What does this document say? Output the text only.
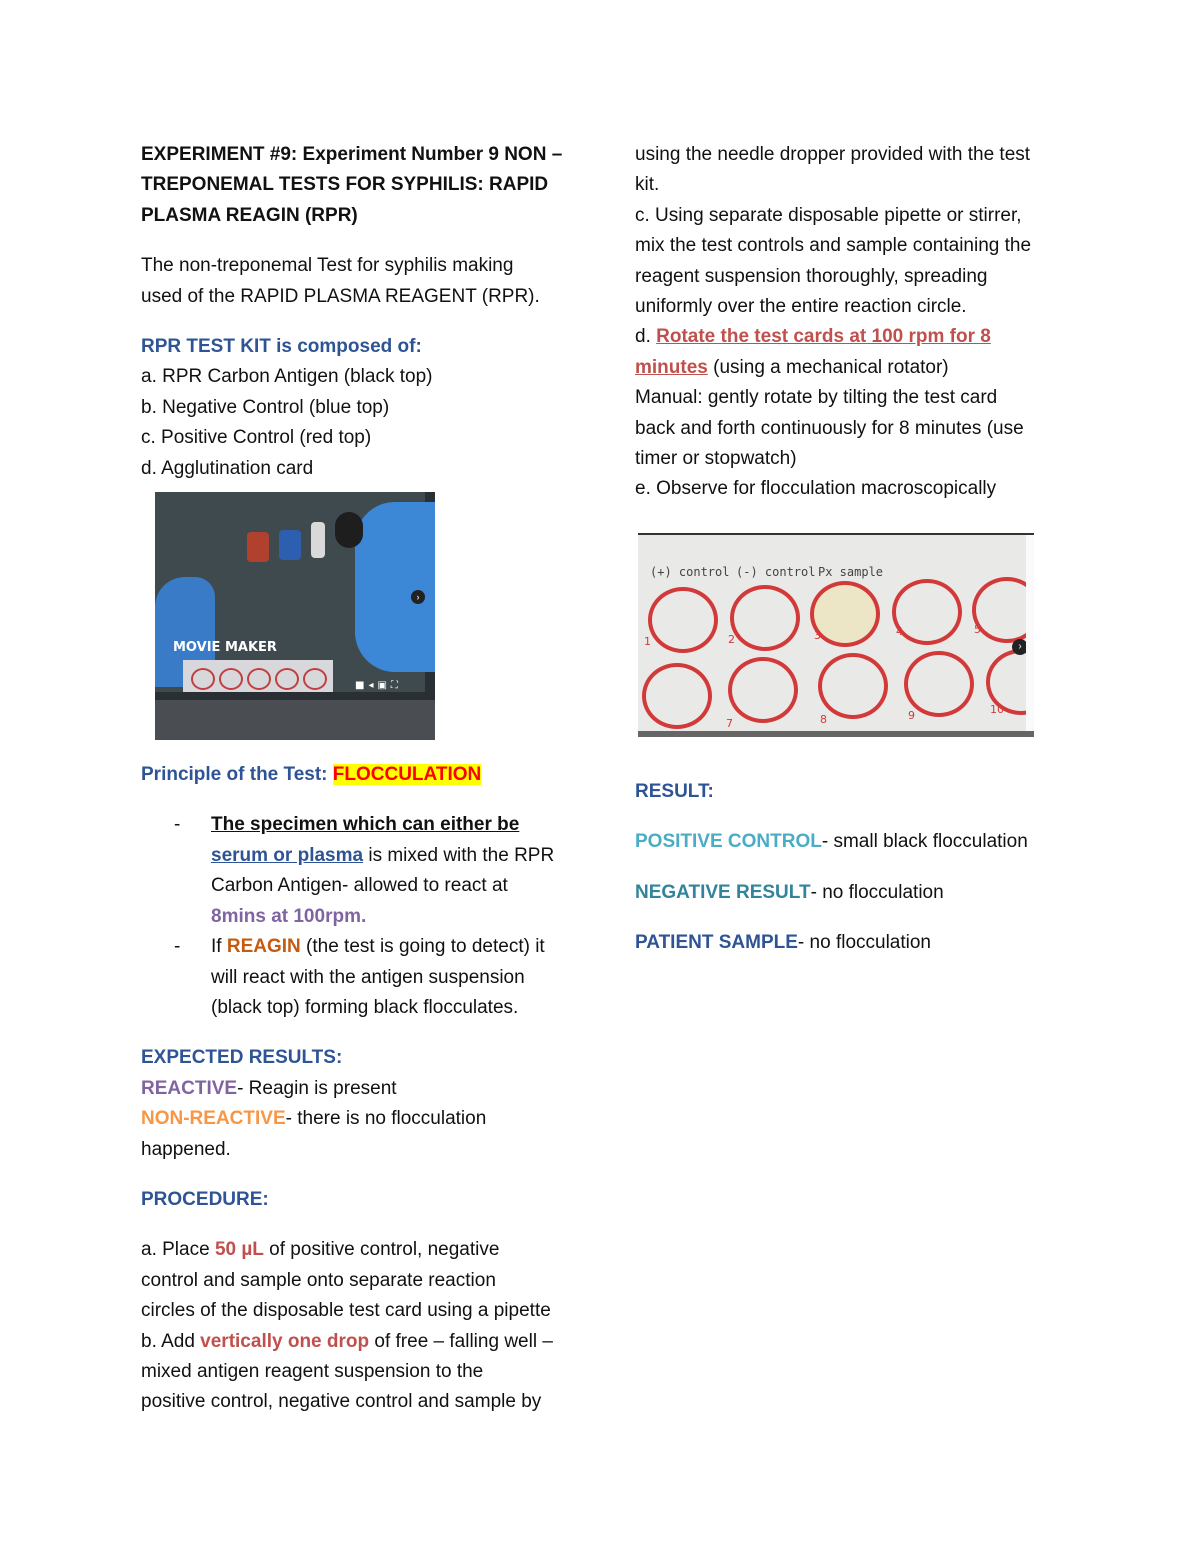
EXPERIMENT #9: Experiment Number 9 NON –

TREPONEMAL TESTS FOR SYPHILIS: RAPID

PLASMA REAGIN (RPR)

The non-treponemal Test for syphilis making

used of the RAPID PLASMA REAGENT (RPR).

RPR TEST KIT is composed of:

a. RPR Carbon Antigen (black top)

b. Negative Control (blue top)

c. Positive Control (red top)

d. Agglutination card

MOVIE MAKER
■◂▣⛶
›

Principle of the Test: FLOCCULATION

- The specimen which can either be
serum or plasma is mixed with the RPR
Carbon Antigen- allowed to react at
8mins at 100rpm.
- If REAGIN (the test is going to detect) it
will react with the antigen suspension
(black top) forming black flocculates.

EXPECTED RESULTS:

REACTIVE- Reagin is present

NON-REACTIVE- there is no flocculation

happened.

PROCEDURE:

a. Place 50 µL of positive control, negative

control and sample onto separate reaction

circles of the disposable test card using a pipette

b. Add vertically one drop of free – falling well –

mixed antigen reagent suspension to the

positive control, negative control and sample by

using the needle dropper provided with the test

kit.

c. Using separate disposable pipette or stirrer,

mix the test controls and sample containing the

reagent suspension thoroughly, spreading

uniformly over the entire reaction circle.

d. Rotate the test cards at 100 rpm for 8

minutes (using a mechanical rotator)

Manual: gently rotate by tilting the test card

back and forth continuously for 8 minutes (use

timer or stopwatch)

e. Observe for flocculation macroscopically

(+) control (-) control Px sample
1	2	3	4	5
7	8	9	10
›

RESULT:

POSITIVE CONTROL- small black flocculation

NEGATIVE RESULT- no flocculation

PATIENT SAMPLE- no flocculation
